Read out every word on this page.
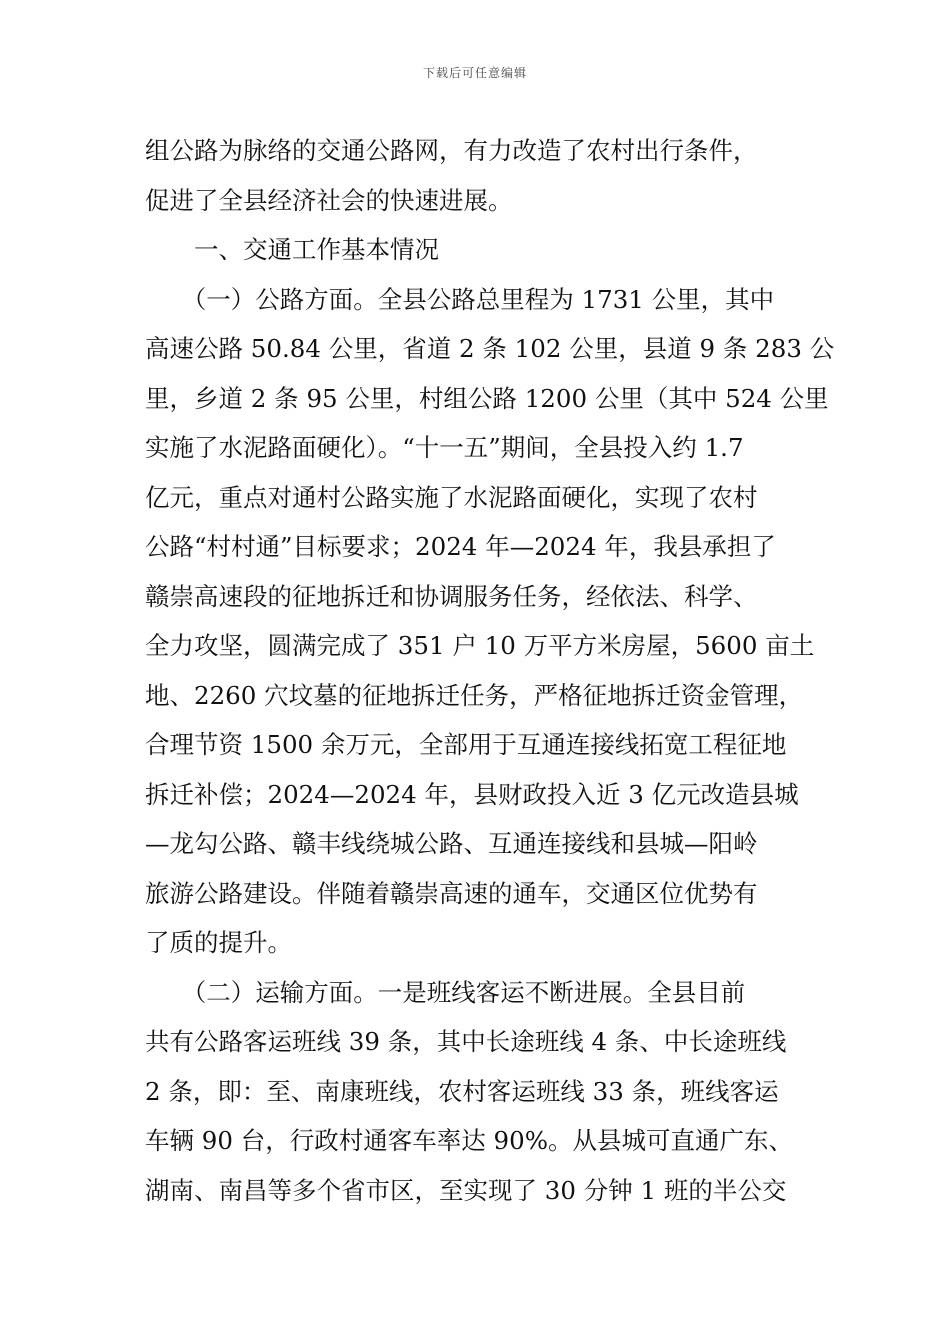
下载后可任意编辑
组公路为脉络的交通公路网，有力改造了农村出行条件，
促进了全县经济社会的快速进展。
　　一、交通工作基本情况
　　（一）公路方面。全县公路总里程为 1731 公里，其中
高速公路 50.84 公里，省道 2 条 102 公里，县道 9 条 283 公
里，乡道 2 条 95 公里，村组公路 1200 公里（其中 524 公里
实施了水泥路面硬化）。“十一五”期间，全县投入约 1.7
亿元，重点对通村公路实施了水泥路面硬化，实现了农村
公路“村村通”目标要求；2024 年—2024 年，我县承担了
赣崇高速段的征地拆迁和协调服务任务，经依法、科学、
全力攻坚，圆满完成了 351 户 10 万平方米房屋，5600 亩土
地、2260 穴坟墓的征地拆迁任务，严格征地拆迁资金管理，
合理节资 1500 余万元，全部用于互通连接线拓宽工程征地
拆迁补偿；2024—2024 年，县财政投入近 3 亿元改造县城
—龙勾公路、赣丰线绕城公路、互通连接线和县城—阳岭
旅游公路建设。伴随着赣崇高速的通车，交通区位优势有
了质的提升。
　　（二）运输方面。一是班线客运不断进展。全县目前
共有公路客运班线 39 条，其中长途班线 4 条、中长途班线
2 条，即：至、南康班线，农村客运班线 33 条，班线客运
车辆 90 台，行政村通客车率达 90%。从县城可直通广东、
湖南、南昌等多个省市区，至实现了 30 分钟 1 班的半公交
